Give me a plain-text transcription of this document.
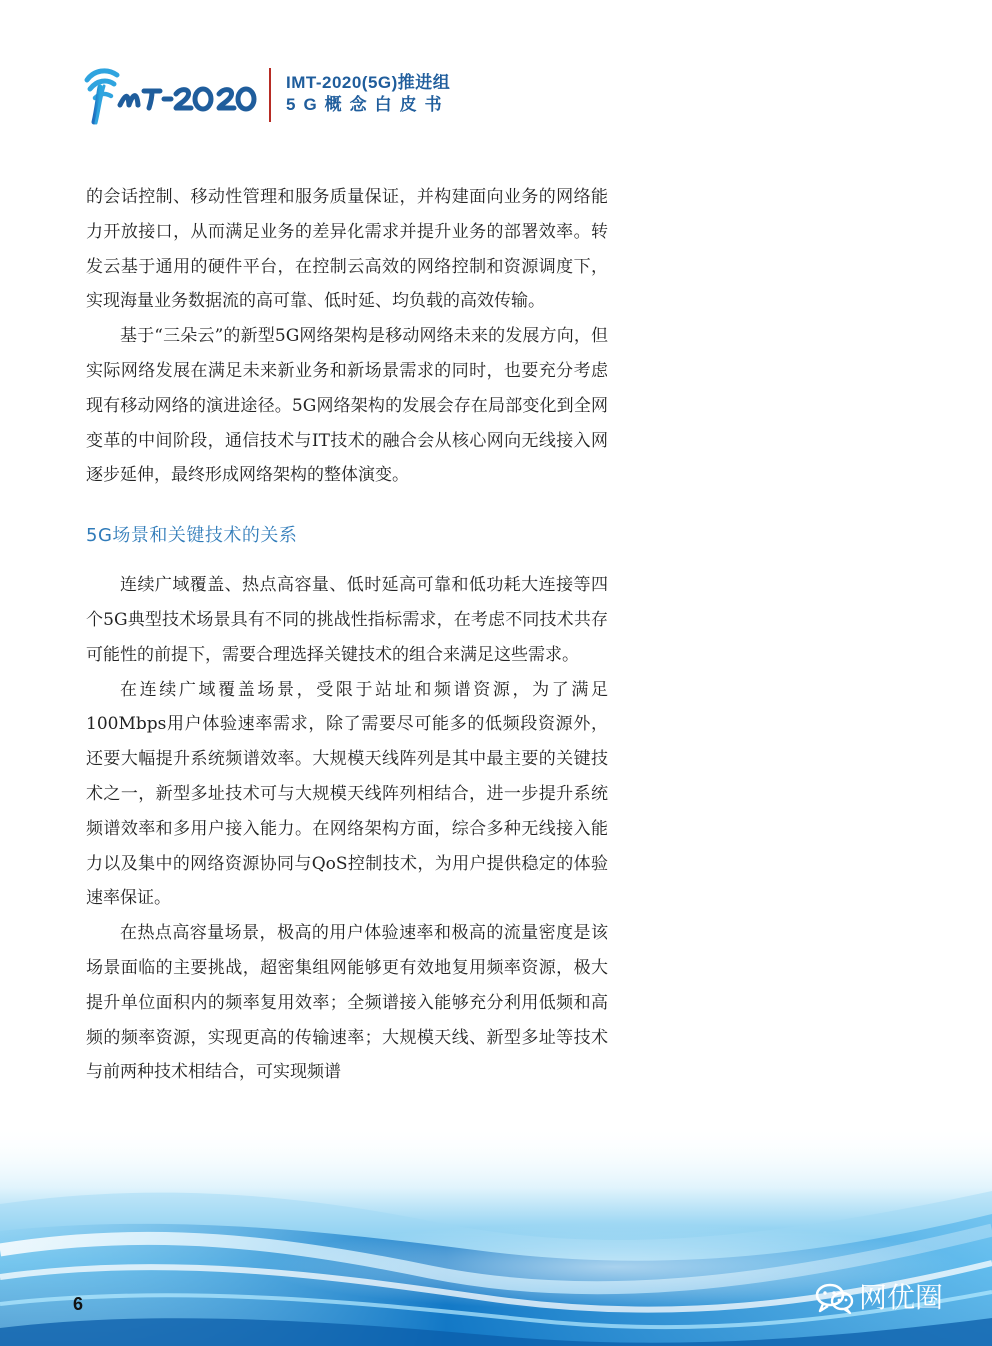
IMT-2020(5G)推进组
5G概念白皮书

的会话控制、移动性管理和服务质量保证，并构建面向业务的网络能力开放接口，从而满足业务的差异化需求并提升业务的部署效率。转发云基于通用的硬件平台，在控制云高效的网络控制和资源调度下，实现海量业务数据流的高可靠、低时延、均负载的高效传输。

基于“三朵云”的新型5G网络架构是移动网络未来的发展方向，但实际网络发展在满足未来新业务和新场景需求的同时，也要充分考虑现有移动网络的演进途径。5G网络架构的发展会存在局部变化到全网变革的中间阶段，通信技术与IT技术的融合会从核心网向无线接入网逐步延伸，最终形成网络架构的整体演变。

5G场景和关键技术的关系

连续广域覆盖、热点高容量、低时延高可靠和低功耗大连接等四个5G典型技术场景具有不同的挑战性指标需求，在考虑不同技术共存可能性的前提下，需要合理选择关键技术的组合来满足这些需求。

在连续广域覆盖场景，受限于站址和频谱资源，为了满足100Mbps用户体验速率需求，除了需要尽可能多的低频段资源外，还要大幅提升系统频谱效率。大规模天线阵列是其中最主要的关键技术之一，新型多址技术可与大规模天线阵列相结合，进一步提升系统频谱效率和多用户接入能力。在网络架构方面，综合多种无线接入能力以及集中的网络资源协同与QoS控制技术，为用户提供稳定的体验速率保证。

在热点高容量场景，极高的用户体验速率和极高的流量密度是该场景面临的主要挑战，超密集组网能够更有效地复用频率资源，极大提升单位面积内的频率复用效率；全频谱接入能够充分利用低频和高频的频率资源，实现更高的传输速率；大规模天线、新型多址等技术与前两种技术相结合，可实现频谱

6	网优圈
